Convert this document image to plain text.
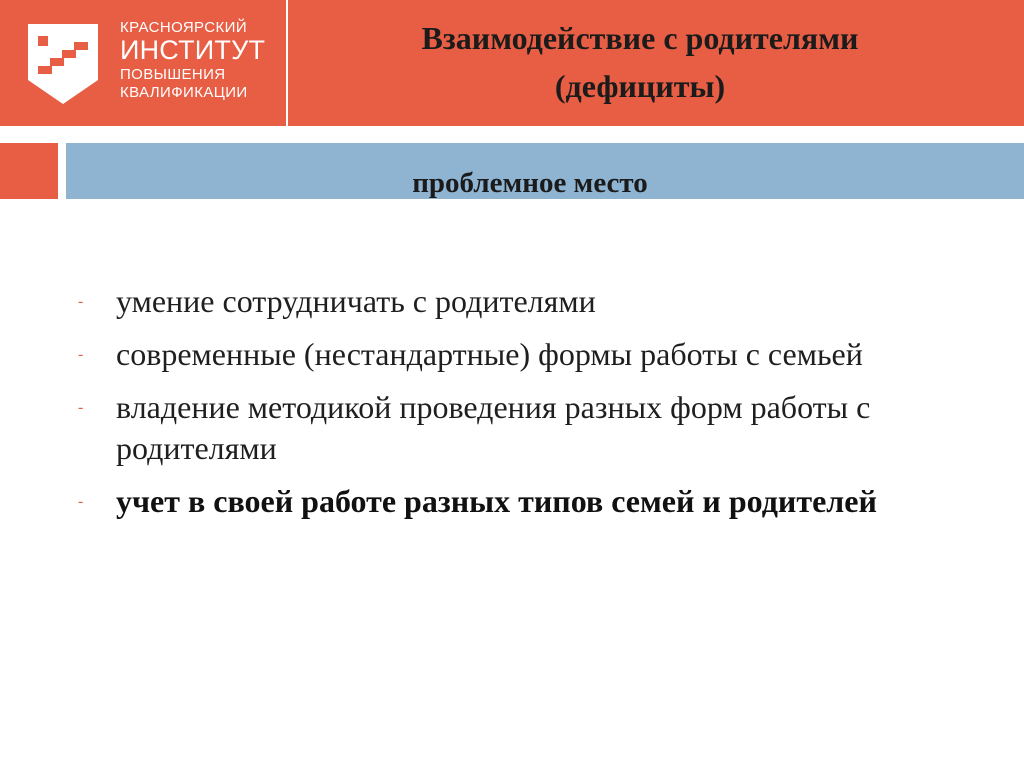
КРАСНОЯРСКИЙ
ИНСТИТУТ
ПОВЫШЕНИЯ
КВАЛИФИКАЦИИ
Взаимодействие с родителями
(дефициты)
проблемное место
- умение сотрудничать с родителями
- современные (нестандартные) формы работы с семьей
- владение методикой проведения разных форм работы с родителями
- учет в своей работе разных типов семей и родителей
